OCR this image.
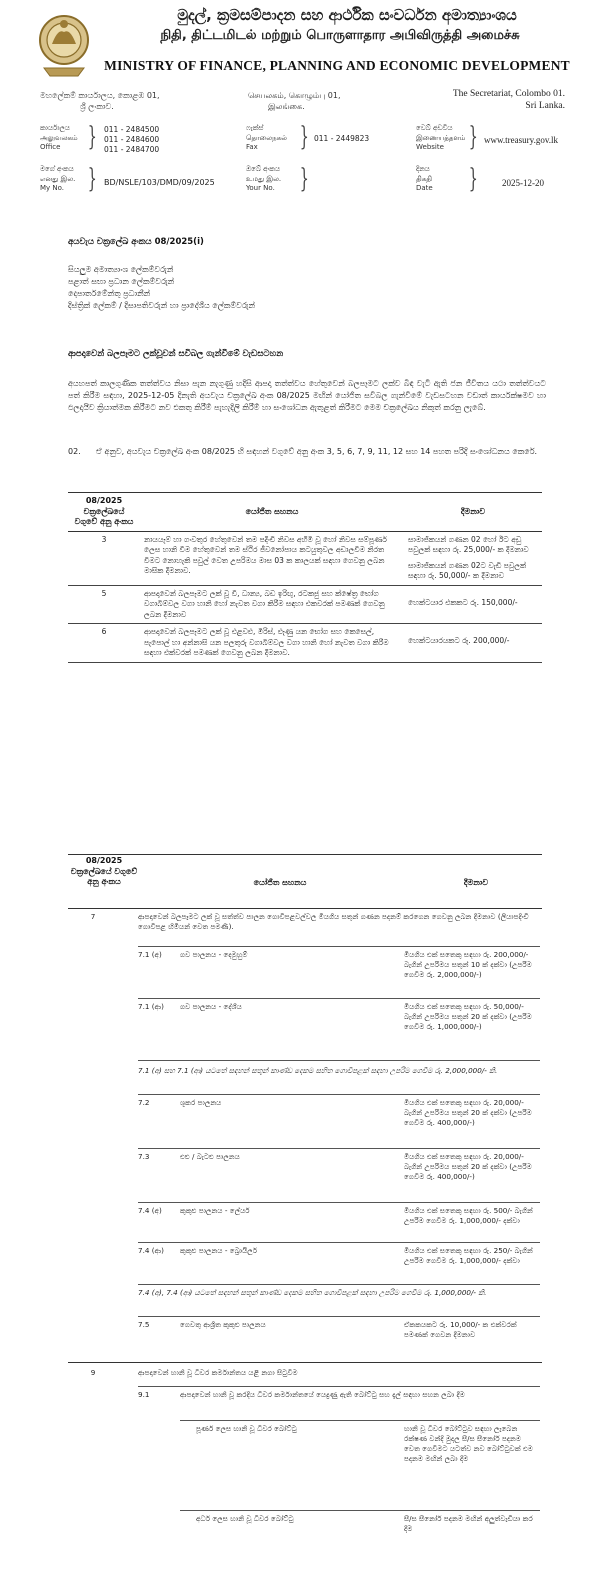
මුදල්, ක්‍රමසම්පාදන සහ ආර්ථික සංවර්ධන අමාත්‍යාංශය
நிதி, திட்டமிடல் மற்றும் பொருளாதார அபிவிருத்தி அமைச்சு
MINISTRY OF FINANCE, PLANNING AND ECONOMIC DEVELOPMENT
මහලේකම් කාර්යාලය, කොළඹ 01,
ශ්‍රී ලංකාව.
செயலகம், கொழும்பு 01,
இலங்கை.
The Secretariat, Colombo 01.
Sri Lanka.
කාර්යාලය
அலுவலகம்
Office	} 011 - 2484500
011 - 2484600
011 - 2484700
ෆැක්ස්
தொலைநகல்
Fax	} 011 - 2449823
වෙබ් අඩවිය
இணையத்தளம்
Website } www.treasury.gov.lk
මගේ අංකය
எனது இல.
My No. } BD/NSLE/103/DMD/09/2025
ඔබේ අංකය
உமது இல.
Your No. }	දිනය
திகதி
Date }	2025-12-20
අයවැය චක්‍රලේඛ අංකය 08/2025(i)
සියලුම අමාත්‍යාංශ ලේකම්වරුන්
පළාත් සභා ප්‍රධාන ලේකම්වරුන්
දෙපාර්තමේන්තු ප්‍රධානීන්
දිස්ත්‍රික් ලේකම් / දිසාපතිවරුන් හා ප්‍රාදේශීය ලේකම්වරුන්
ආපදාවෙන් බලපෑමට ලක්වූවන් සවිබල ගැන්වීමේ වැඩසටහන
අයහපත් කාලගුණික තත්ත්වය නිසා පැන නැගුණු හදිසි ආපදා තත්ත්වය හේතුවෙන් බලපෑමට ලක්ව බිඳ වැටී ඇති ජන ජීවිතය යථා තත්ත්වයට පත් කිරීම සඳහා, 2025-12-05 දිනැති අයවැය චක්‍රලේඛ අංක 08/2025 මඟින් යෝජිත සවිබල ගැන්වීමේ වැඩසටහන වඩාත් කාර්යක්ෂමව හා ඵලදායීව ක්‍රියාත්මක කිරීමට නව එකතු කිරීම් පැහැදිලි කිරීම් හා සංශෝධන ඇතුළත් කිරීමට මෙම චක්‍රලේඛය නිකුත් කරනු ලැබේ.
02. ඒ අනුව, අයවැය චක්‍රලේඛ අංක 08/2025 හි සඳහන් වගුවේ අනු අංක 3, 5, 6, 7, 9, 11, 12 සහ 14 පහත පරිදි සංශෝධනය කෙරේ.
08/2025 චක්‍රලේඛයේ වගුවේ අනු අංකය	යෝජිත සහනය	දීමනාව
3	නායයෑම් හා ගංවතුර හේතුවෙන් තම පදිංචි නිවස අහිමි වූ හෝ නිවස සම්පූර්ණ ලෙස හානි වීම හේතුවෙන් තම ස්ථිර ජීවනෝපාය කටයුතුවල අඩාලවීම නිරත වීමට නොහැකි පවුල් වෙත උපරිමය මාස 03 ක කාලයක් සඳහා ගෙවනු ලබන මාසික දීමනාව.	සාමාජිකයන් ගණන 02 හෝ ඊට අඩු පවුලක් සඳහා රු. 25,000/- ක දීමනාව
සාමාජිකයන් ගණන 02ට වැඩි පවුලක් සඳහා රු. 50,000/- ක දීමනාව

5	ආපදාවෙන් බලපෑමට ලක් වූ වී, ධාන්‍ය, බඩ ඉරිඟු, රටකජු සහ ක්ෂේත්‍ර භෝග වගාබිම්වල වගා හානි හෝ නැවත වගා කිරීම සඳහා එකවරක් පමණක් ගෙවනු ලබන දීමනාව	හෙක්ටයාර එකකට රු. 150,000/-
6	ආපදාවෙන් බලපෑමට ලක් වූ එළවළු, මිරිස්, ළූණු යන භෝග සහ කෙසෙල්, පැපොල් හා අන්නාසි යන පලතුරු වගාබිම්වල වගා හානි හෝ නැවත වගා කිරීම සඳහා එක්වරක් පමණක් ගෙවනු ලබන දීමනාව.	හෙක්ටයාරයකට රු. 200,000/-
08/2025 චක්‍රලේඛයේ වගුවේ අනු අංකය	යෝජිත සහනය	දීමනාව
7	ආපදාවෙන් බලපෑමට ලක් වූ සත්ත්ව පාලන ගොවිපළවල්වල මියගිය සතුන් ගණන පදනම් කරගෙන ගෙවනු ලබන දීමනාව (ලියාපදිංචි ගොවිපළ හිමියන් වෙත පමණි).
7.1 (අ)	ගව පාලනය - දෙමුහුම්	මියගිය එක් සතෙකු සඳහා රු. 200,000/- බැගින් උපරිමය සතුන් 10 ක් දක්වා (උපරිම ගෙවීම රු. 2,000,000/-)
7.1 (ආ)	ගව පාලනය - දේශීය	මියගිය එක් සතෙකු සඳහා රු. 50,000/- බැගින් උපරිමය සතුන් 20 ක් දක්වා (උපරිම ගෙවීම රු. 1,000,000/-)
7.1 (අ) සහ 7.1 (ආ) යටතේ සඳහන් සතුන් කාණ්ඩ දෙකම සහිත ගොවිපළක් සඳහා උපරිම ගෙවීම රු. 2,000,000/- කි.
7.2	ශූකර පාලනය	මියගිය එක් සතෙකු සඳහා රු. 20,000/- බැගින් උපරිමය සතුන් 20 ක් දක්වා (උපරිම ගෙවීම රු. 400,000/-)
7.3	එළු / බැටළු පාලනය	මියගිය එක් සතෙකු සඳහා රු. 20,000/- බැගින් උපරිමය සතුන් 20 ක් දක්වා (උපරිම ගෙවීම රු. 400,000/-)
7.4 (අ)	කුකුළු පාලනය - ලේයර්	මියගිය එක් සතෙකු සඳහා රු. 500/- බැගින් උපරිම ගෙවීම රු. 1,000,000/- දක්වා
7.4 (ආ)	කුකුළු පාලනය - බ්‍රොයිලර්	මියගිය එක් සතෙකු සඳහා රු. 250/- බැගින් උපරිම ගෙවීම රු. 1,000,000/- දක්වා
7.4 (අ), 7.4 (ආ) යටතේ සඳහන් සතුන් කාණ්ඩ දෙකම සහිත ගොවිපළක් සඳහා උපරිම ගෙවීම රු. 1,000,000/- කි.
7.5	ගෙවතු ආශ්‍රිත කුකුළු පාලනය	ඒකකයකට රු. 10,000/- ක එක්වරක් පමණක් ගෙවන දීමනාව
9	ආපදාවෙන් හානි වූ ධීවර කර්මාන්තය යළි නගා සිටුවීම
9.1	ආපදාවෙන් හානි වූ කරදිය ධීවර කර්මාන්තයේ යෙදුණු ඇති බෝට්ටු සහ දැල් සඳහා සහන ලබා දීම
පූර්ණ ලෙස හානි වූ ධීවර බෝට්ටු	හානි වූ ධීවර බෝට්ටුව සඳහා ලැබෙන රක්ෂණ වන්දි මුදල සී/ස සීනෝර් පදනම වෙත ගෙවීමට යටත්ව නව බෝට්ටුවක් එම පදනම මඟින් ලබා දීම
අර්ධ ලෙස හානි වූ ධීවර බෝට්ටු	සී/ස සීනෝර් පදනම මඟින් අලුත්වැඩියා කර දීම
